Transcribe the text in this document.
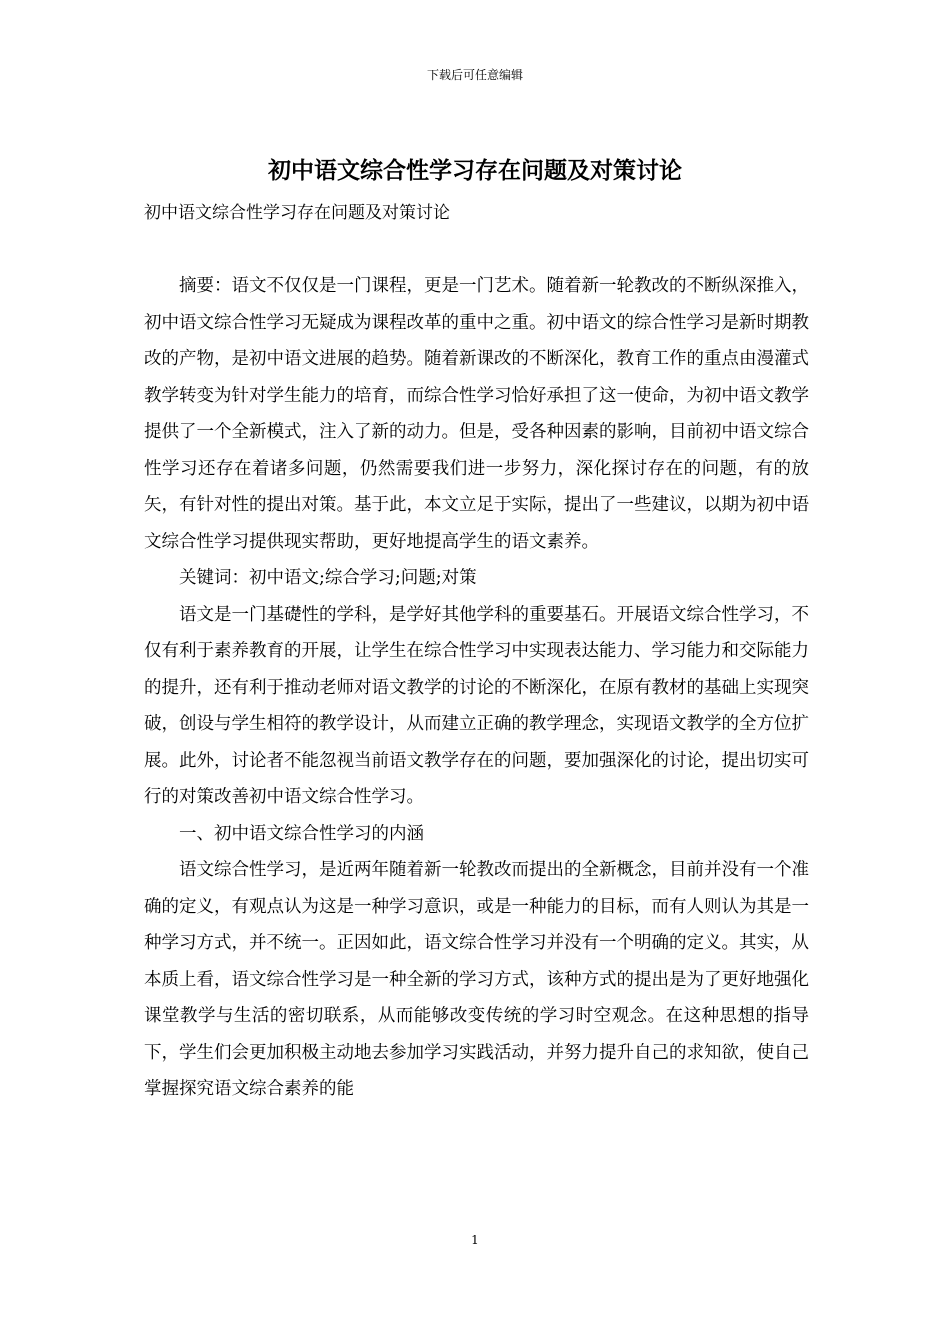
下载后可任意编辑
初中语文综合性学习存在问题及对策讨论

初中语文综合性学习存在问题及对策讨论

摘要：语文不仅仅是一门课程，更是一门艺术。随着新一轮教改的不断纵深推入，初中语文综合性学习无疑成为课程改革的重中之重。初中语文的综合性学习是新时期教改的产物，是初中语文进展的趋势。随着新课改的不断深化，教育工作的重点由漫灌式教学转变为针对学生能力的培育，而综合性学习恰好承担了这一使命，为初中语文教学提供了一个全新模式，注入了新的动力。但是，受各种因素的影响，目前初中语文综合性学习还存在着诸多问题，仍然需要我们进一步努力，深化探讨存在的问题，有的放矢，有针对性的提出对策。基于此，本文立足于实际，提出了一些建议，以期为初中语文综合性学习提供现实帮助，更好地提高学生的语文素养。

关键词：初中语文;综合学习;问题;对策

语文是一门基礎性的学科，是学好其他学科的重要基石。开展语文综合性学习，不仅有利于素养教育的开展，让学生在综合性学习中实现表达能力、学习能力和交际能力的提升，还有利于推动老师对语文教学的讨论的不断深化，在原有教材的基础上实现突破，创设与学生相符的教学设计，从而建立正确的教学理念，实现语文教学的全方位扩展。此外，讨论者不能忽视当前语文教学存在的问题，要加强深化的讨论，提出切实可行的对策改善初中语文综合性学习。

一、初中语文综合性学习的内涵

语文综合性学习，是近两年随着新一轮教改而提出的全新概念，目前并没有一个准确的定义，有观点认为这是一种学习意识，或是一种能力的目标，而有人则认为其是一种学习方式，并不统一。正因如此，语文综合性学习并没有一个明确的定义。其实，从本质上看，语文综合性学习是一种全新的学习方式，该种方式的提出是为了更好地强化课堂教学与生活的密切联系，从而能够改变传统的学习时空观念。在这种思想的指导下，学生们会更加积极主动地去参加学习实践活动，并努力提升自己的求知欲，使自己掌握探究语文综合素养的能

1
